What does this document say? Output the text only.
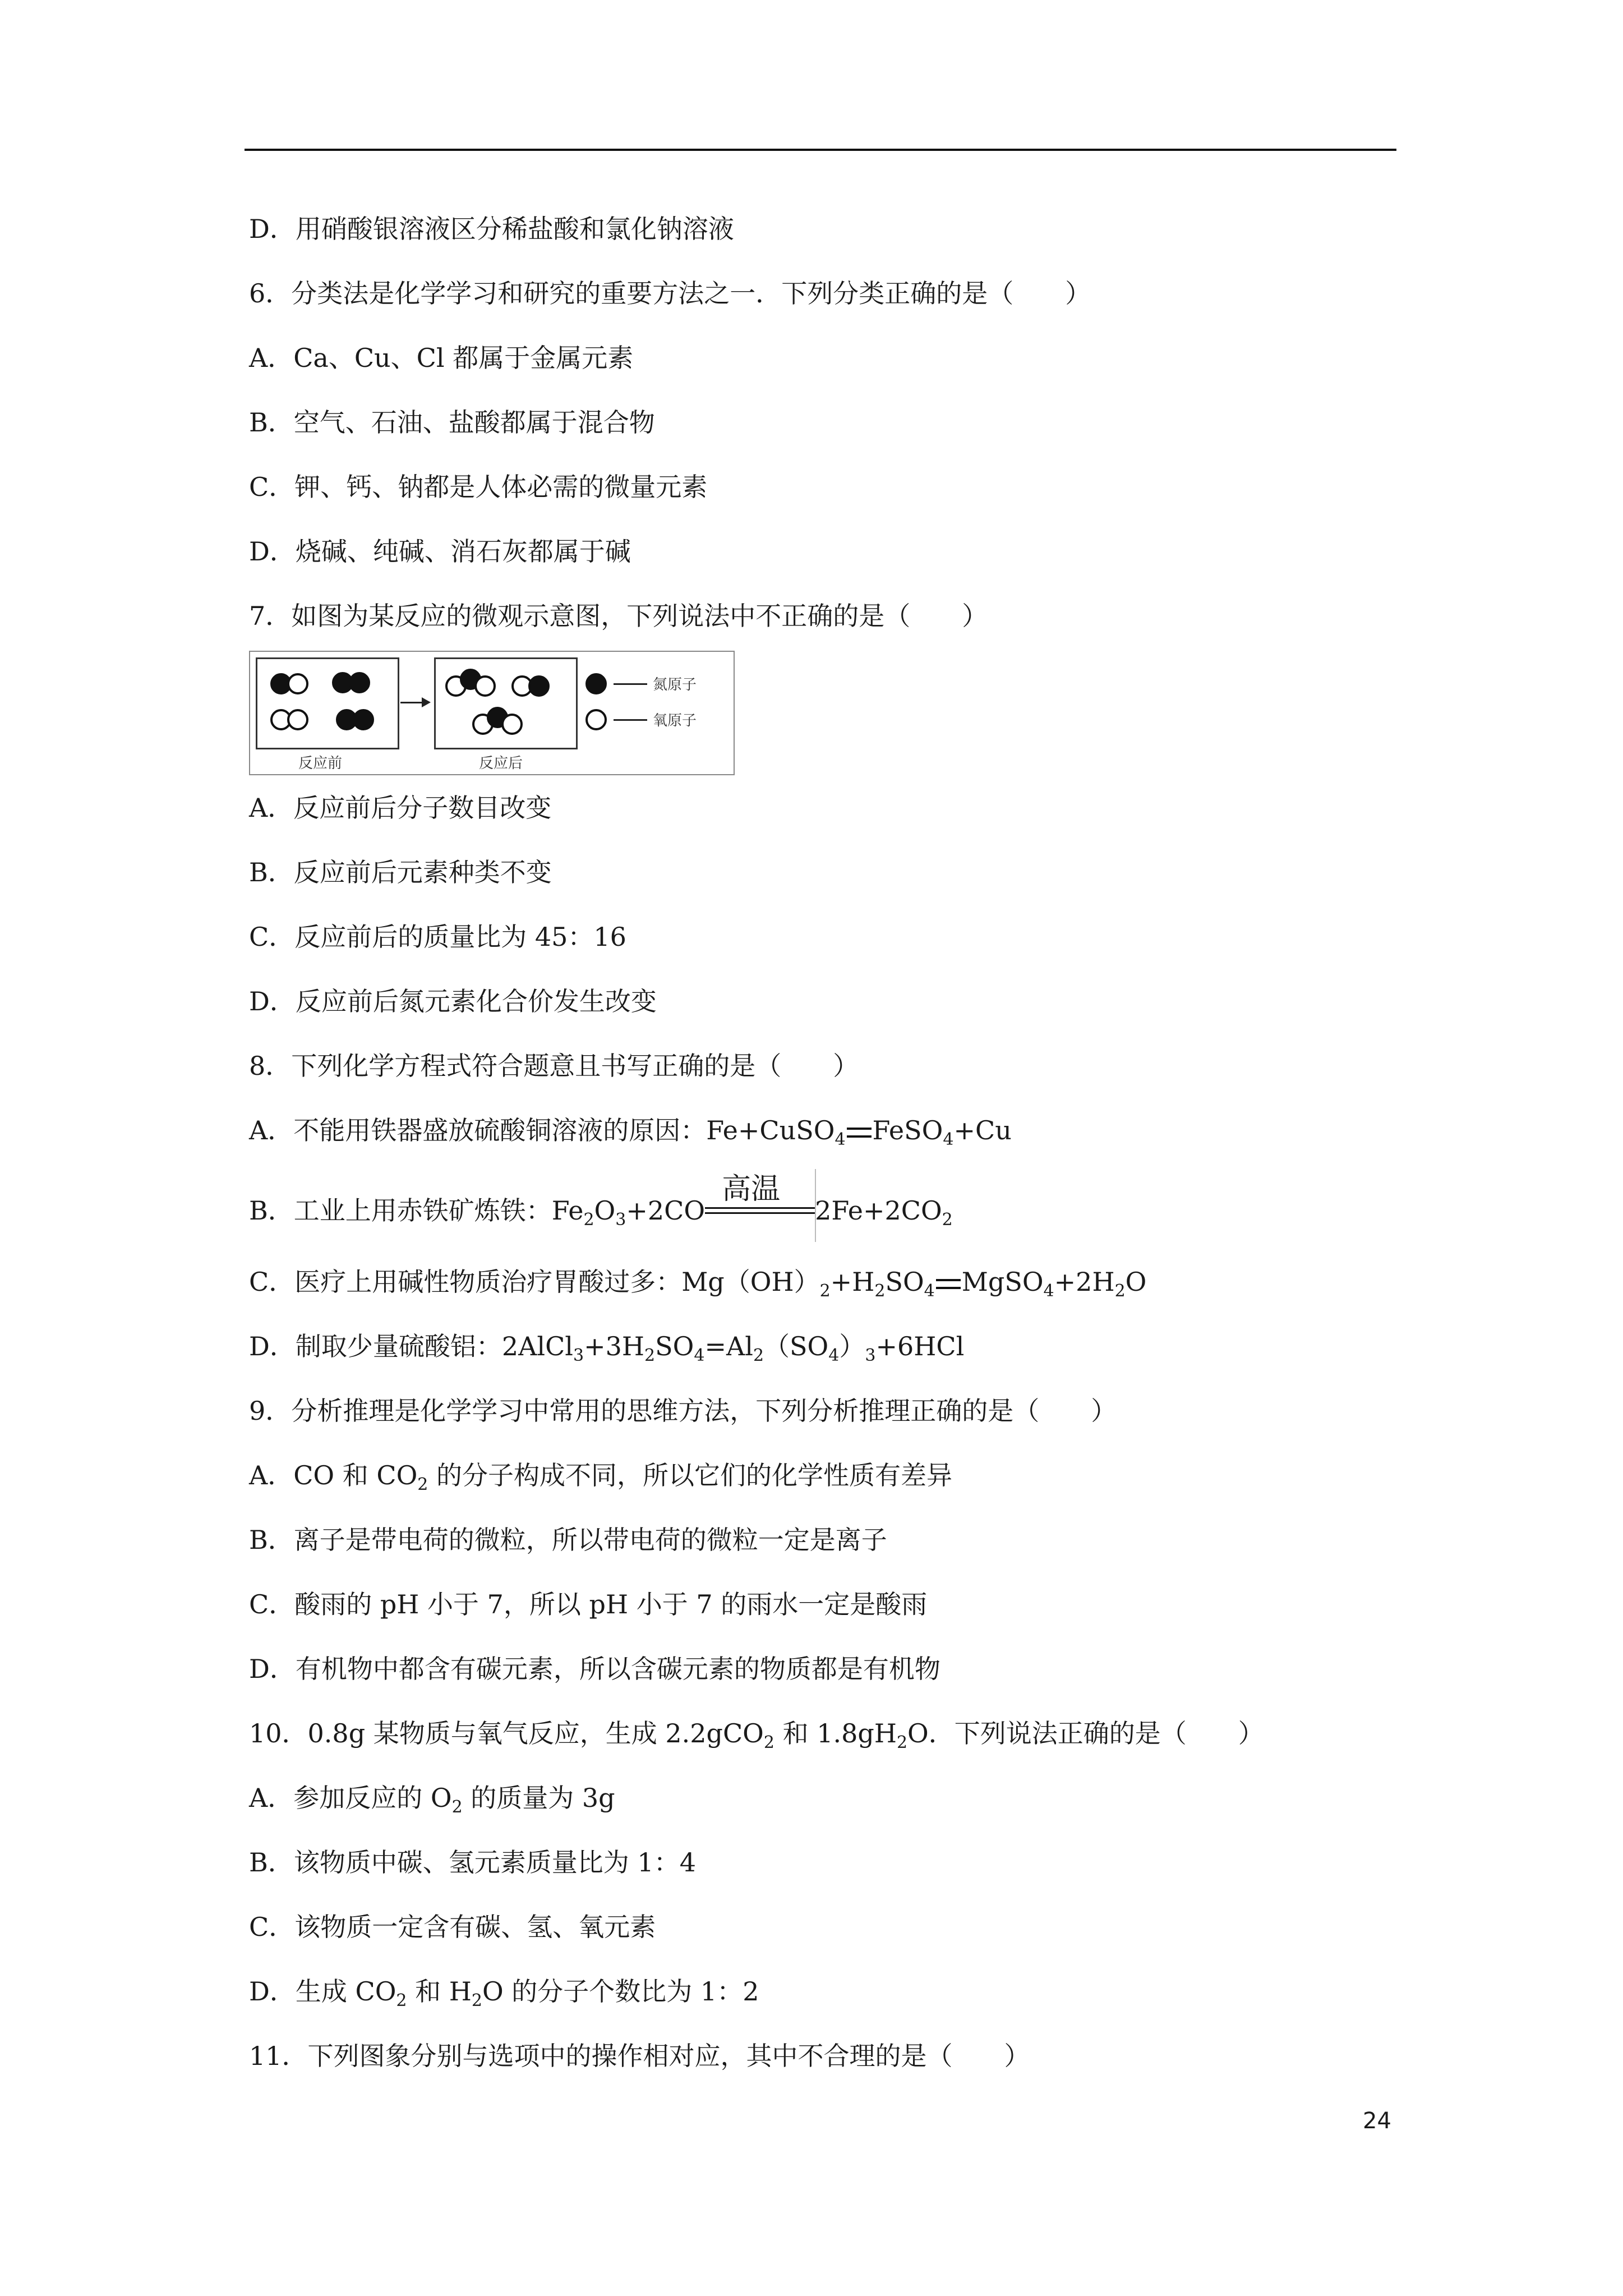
D．用硝酸银溶液区分稀盐酸和氯化钠溶液
6．分类法是化学学习和研究的重要方法之一．下列分类正确的是（　　）
A．Ca、Cu、Cl 都属于金属元素
B．空气、石油、盐酸都属于混合物
C．钾、钙、钠都是人体必需的微量元素
D．烧碱、纯碱、消石灰都属于碱
7．如图为某反应的微观示意图，下列说法中不正确的是（　　）
反应前	反应后
氮原子
氧原子
A．反应前后分子数目改变
B．反应前后元素种类不变
C．反应前后的质量比为 45：16
D．反应前后氮元素化合价发生改变
8．下列化学方程式符合题意且书写正确的是（　　）
A．不能用铁器盛放硫酸铜溶液的原因：Fe+CuSO$_4$ FeSO$_4$+Cu
B．工业上用赤铁矿炼铁：$Fe_2O_3+2CO$
高温
$2Fe+2CO_2$
C．医疗上用碱性物质治疗胃酸过多：$Mg(OH)_2+H_2SO_4$ $MgSO_4+2H_2O$
D．制取少量硫酸铝：$2AlCl_3+3H_2SO_4=Al_2(SO_4)_3+6HCl$
9．分析推理是化学学习中常用的思维方法，下列分析推理正确的是（　　）
A．CO 和 $CO_2$ 的分子构成不同，所以它们的化学性质有差异
B．离子是带电荷的微粒，所以带电荷的微粒一定是离子
C．酸雨的 pH 小于 7，所以 pH 小于 7 的雨水一定是酸雨
D．有机物中都含有碳元素，所以含碳元素的物质都是有机物
10．0.8g 某物质与氧气反应，生成 2.2gCO$_2$ 和 $1.8gH_2O$．下列说法正确的是（　　）
A．参加反应的 $O_2$ 的质量为 3g
B．该物质中碳、氢元素质量比为 1：4
C．该物质一定含有碳、氢、氧元素
D．生成 $CO_2$ 和 $H_2O$ 的分子个数比为 1：2
11．下列图象分别与选项中的操作相对应，其中不合理的是（　　）
24
